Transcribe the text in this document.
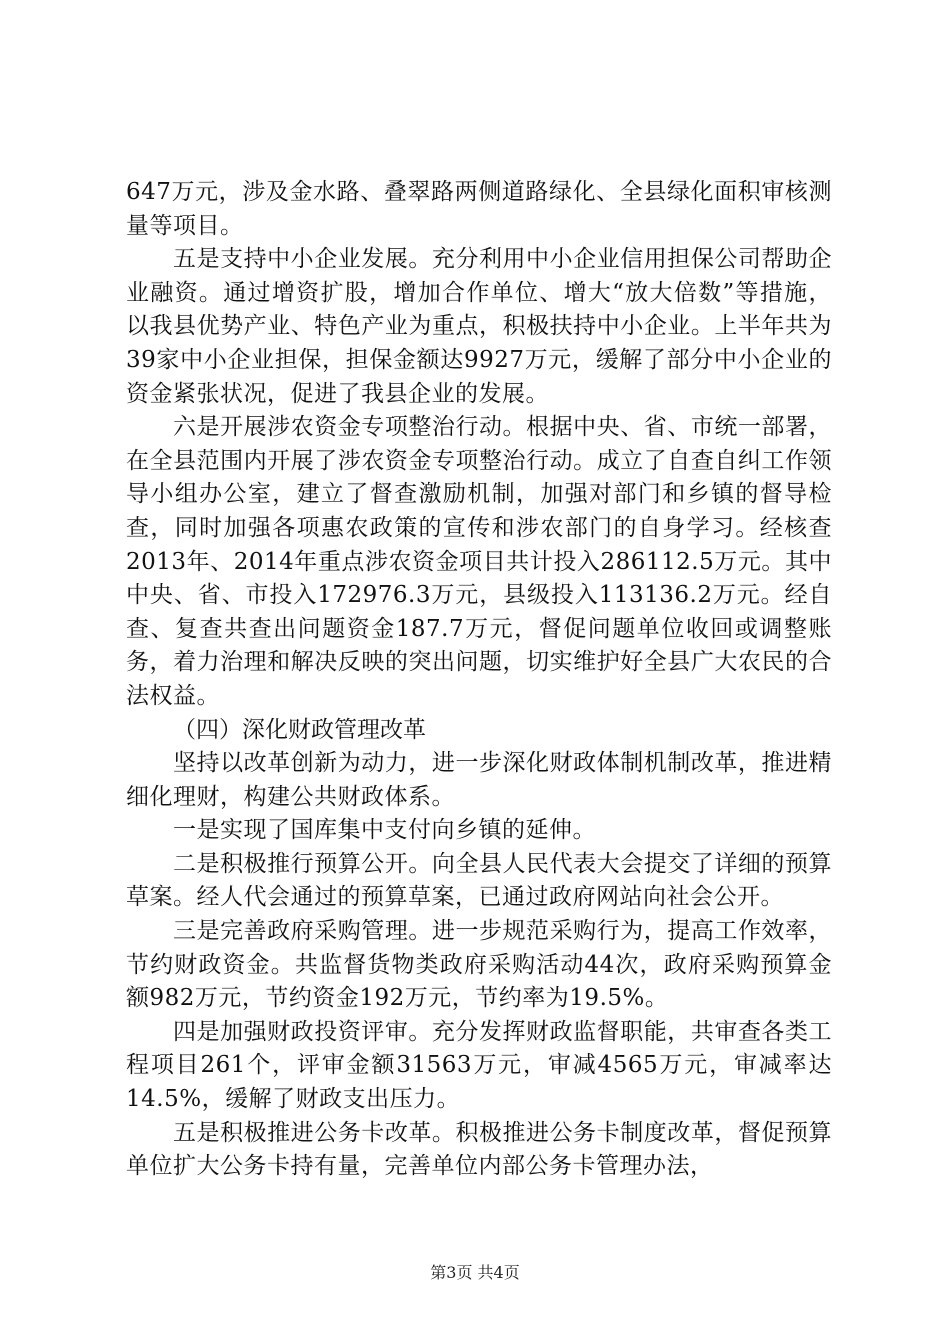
647万元，涉及金水路、叠翠路两侧道路绿化、全县绿化面积审核测量等项目。

五是支持中小企业发展。充分利用中小企业信用担保公司帮助企业融资。通过增资扩股，增加合作单位、增大“放大倍数”等措施，以我县优势产业、特色产业为重点，积极扶持中小企业。上半年共为39家中小企业担保，担保金额达9927万元，缓解了部分中小企业的资金紧张状况，促进了我县企业的发展。

六是开展涉农资金专项整治行动。根据中央、省、市统一部署，在全县范围内开展了涉农资金专项整治行动。成立了自查自纠工作领导小组办公室，建立了督查激励机制，加强对部门和乡镇的督导检查，同时加强各项惠农政策的宣传和涉农部门的自身学习。经核查2013年、2014年重点涉农资金项目共计投入286112.5万元。其中中央、省、市投入172976.3万元，县级投入113136.2万元。经自查、复查共查出问题资金187.7万元，督促问题单位收回或调整账务，着力治理和解决反映的突出问题，切实维护好全县广大农民的合法权益。

（四）深化财政管理改革

坚持以改革创新为动力，进一步深化财政体制机制改革，推进精细化理财，构建公共财政体系。

一是实现了国库集中支付向乡镇的延伸。

二是积极推行预算公开。向全县人民代表大会提交了详细的预算草案。经人代会通过的预算草案，已通过政府网站向社会公开。

三是完善政府采购管理。进一步规范采购行为，提高工作效率，节约财政资金。共监督货物类政府采购活动44次，政府采购预算金额982万元，节约资金192万元，节约率为19.5%。

四是加强财政投资评审。充分发挥财政监督职能，共审查各类工程项目261个，评审金额31563万元，审减4565万元，审减率达14.5%，缓解了财政支出压力。

五是积极推进公务卡改革。积极推进公务卡制度改革，督促预算单位扩大公务卡持有量，完善单位内部公务卡管理办法，

第3页 共4页
